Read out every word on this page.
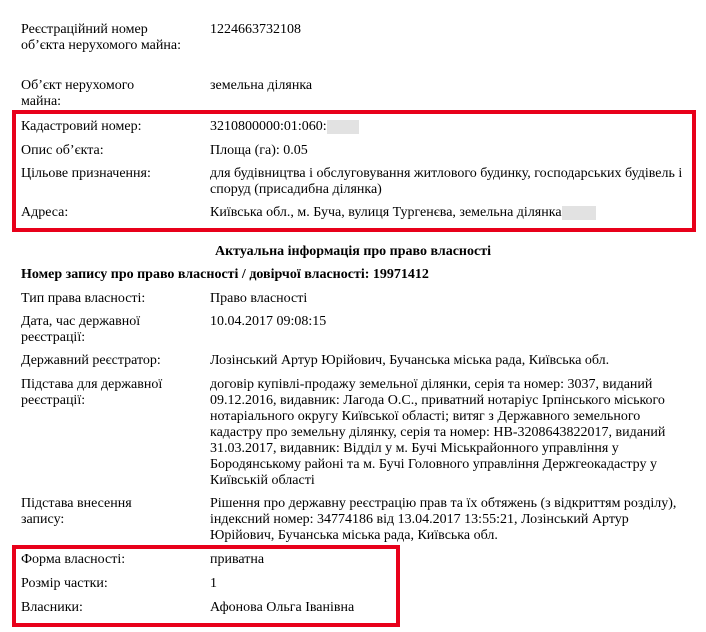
Реєстраційний номер об’єкта нерухомого майна:
1224663732108
Об’єкт нерухомого майна:
земельна ділянка
Кадастровий номер:	3210800000:01:060:
Опис об’єкта:	Площа (га): 0.05
Цільове призначення:	для будівництва і обслуговування житлового будинку, господарських будівель і споруд (присадибна ділянка)
Адреса:	Київська обл., м. Буча, вулиця Тургенєва, земельна ділянка
Актуальна інформація про право власності
Номер запису про право власності / довірчої власності: 19971412
Тип права власності:	Право власності
Дата, час державної реєстрації:
10.04.2017 09:08:15
Державний реєстратор:	Лозінський Артур Юрійович, Бучанська міська рада, Київська обл.
Підстава для державної реєстрації:
договір купівлі-продажу земельної ділянки, серія та номер: 3037, виданий 09.12.2016, видавник: Лагода О.С., приватний нотаріус Ірпінського міського нотаріального округу Київської області; витяг з Державного земельного кадастру про земельну ділянку, серія та номер: НВ-3208643822017, виданий 31.03.2017, видавник: Відділ у м. Бучі Міськрайонного управління у Бородянському районі та м. Бучі Головного управління Держгеокадастру у Київській області
Підстава внесення запису:
Рішення про державну реєстрацію прав та їх обтяжень (з відкриттям розділу), індексний номер: 34774186 від 13.04.2017 13:55:21, Лозінський Артур Юрійович, Бучанська міська рада, Київська обл.
Форма власності:	приватна
Розмір частки:	1
Власники:	Афонова Ольга Іванівна
